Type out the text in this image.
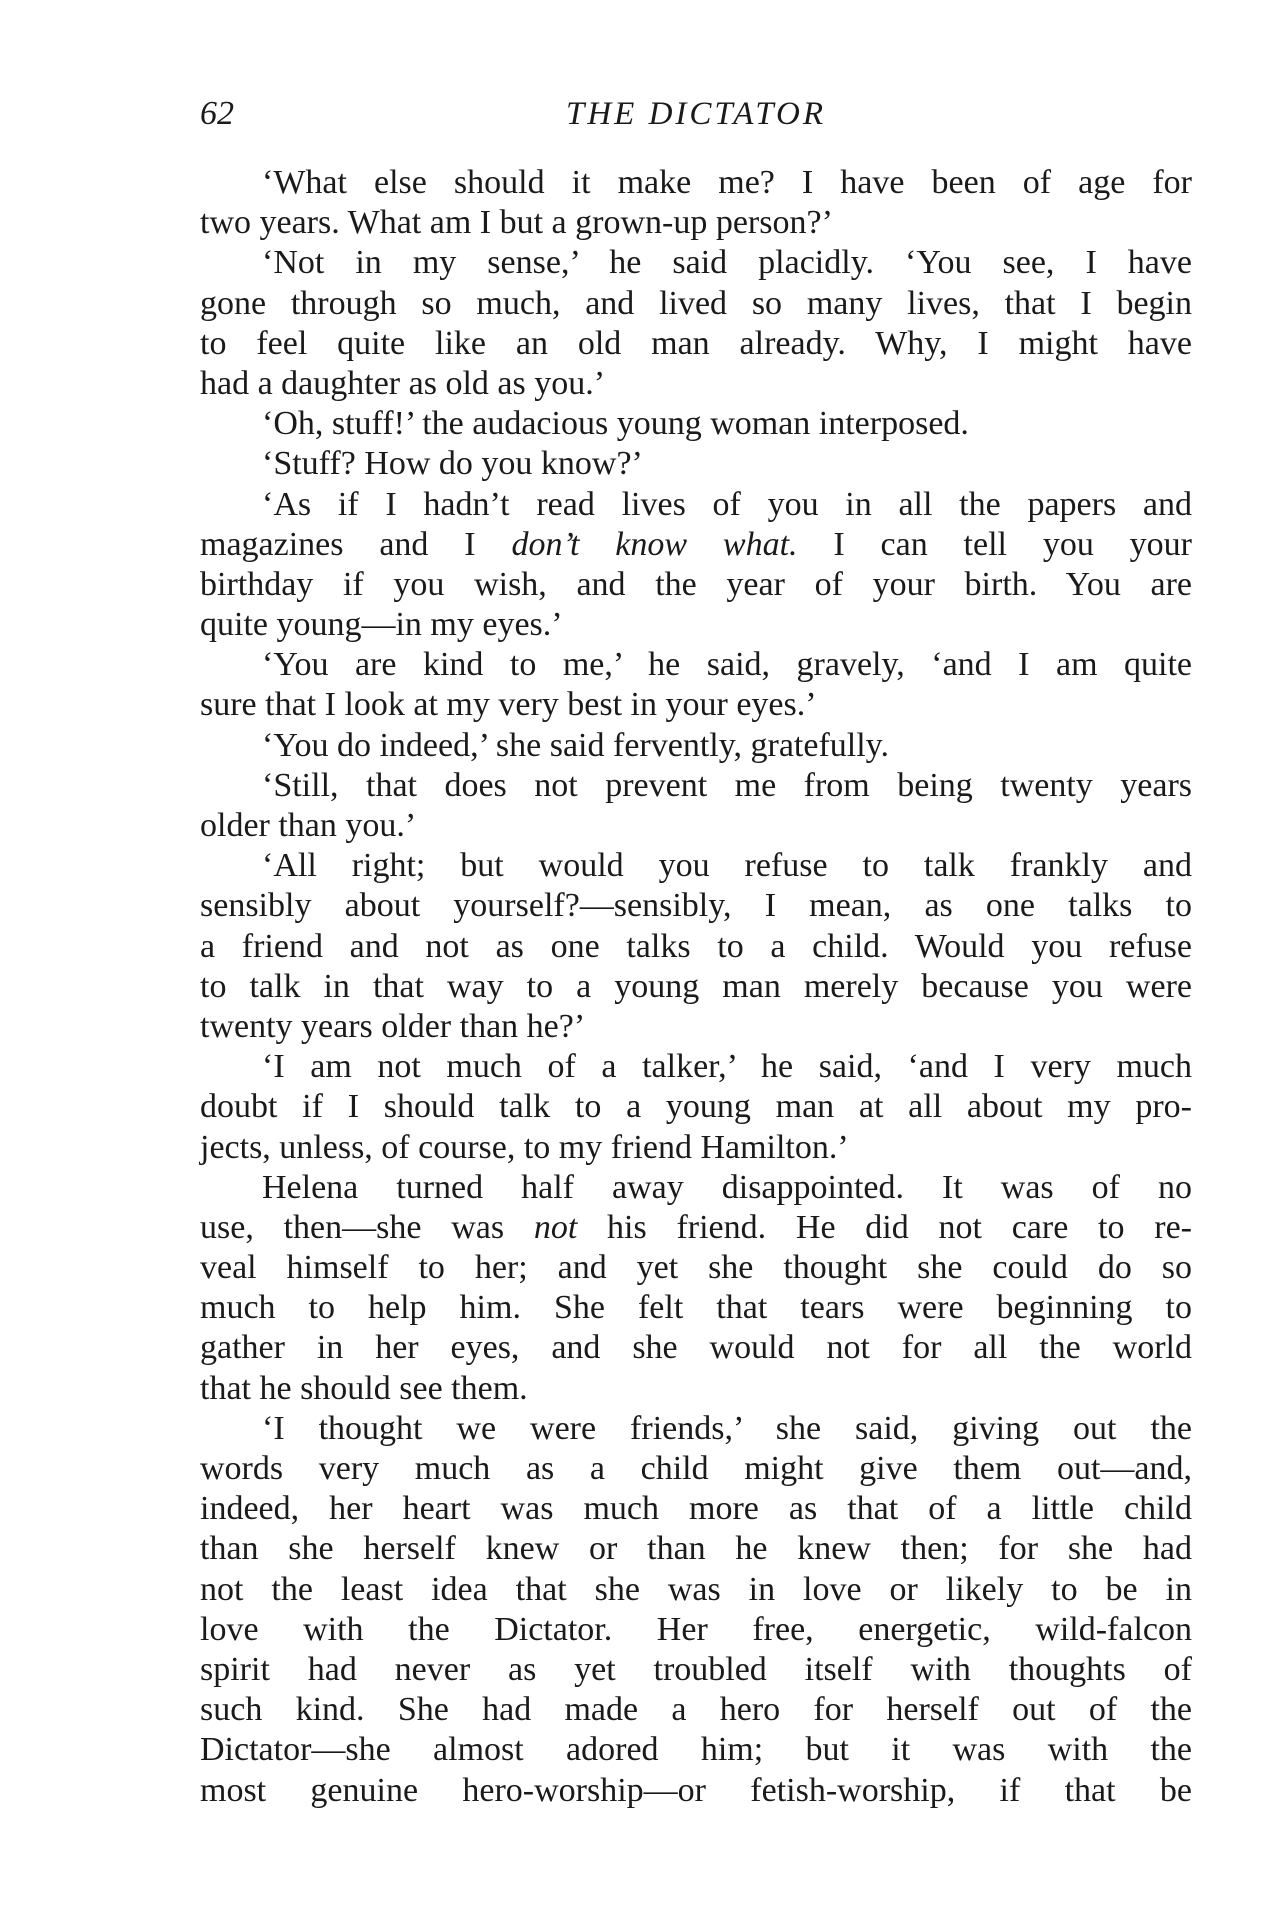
62	THE DICTATOR
‘What else should it make me? I have been of age for
two years. What am I but a grown-up person?’
‘Not in my sense,’ he said placidly. ‘You see, I have
gone through so much, and lived so many lives, that I begin
to feel quite like an old man already. Why, I might have
had a daughter as old as you.’
‘Oh, stuff!’ the audacious young woman interposed.
‘Stuff? How do you know?’
‘As if I hadn’t read lives of you in all the papers and
magazines and I don’t know what. I can tell you your
birthday if you wish, and the year of your birth. You are
quite young—in my eyes.’
‘You are kind to me,’ he said, gravely, ‘and I am quite
sure that I look at my very best in your eyes.’
‘You do indeed,’ she said fervently, gratefully.
‘Still, that does not prevent me from being twenty years
older than you.’
‘All right; but would you refuse to talk frankly and
sensibly about yourself?—sensibly, I mean, as one talks to
a friend and not as one talks to a child. Would you refuse
to talk in that way to a young man merely because you were
twenty years older than he?’
‘I am not much of a talker,’ he said, ‘and I very much
doubt if I should talk to a young man at all about my pro-
jects, unless, of course, to my friend Hamilton.’
Helena turned half away disappointed. It was of no
use, then—she was not his friend. He did not care to re-
veal himself to her; and yet she thought she could do so
much to help him. She felt that tears were beginning to
gather in her eyes, and she would not for all the world
that he should see them.
‘I thought we were friends,’ she said, giving out the
words very much as a child might give them out—and,
indeed, her heart was much more as that of a little child
than she herself knew or than he knew then; for she had
not the least idea that she was in love or likely to be in
love with the Dictator. Her free, energetic, wild-falcon
spirit had never as yet troubled itself with thoughts of
such kind. She had made a hero for herself out of the
Dictator—she almost adored him; but it was with the
most genuine hero-worship—or fetish-worship, if that be
